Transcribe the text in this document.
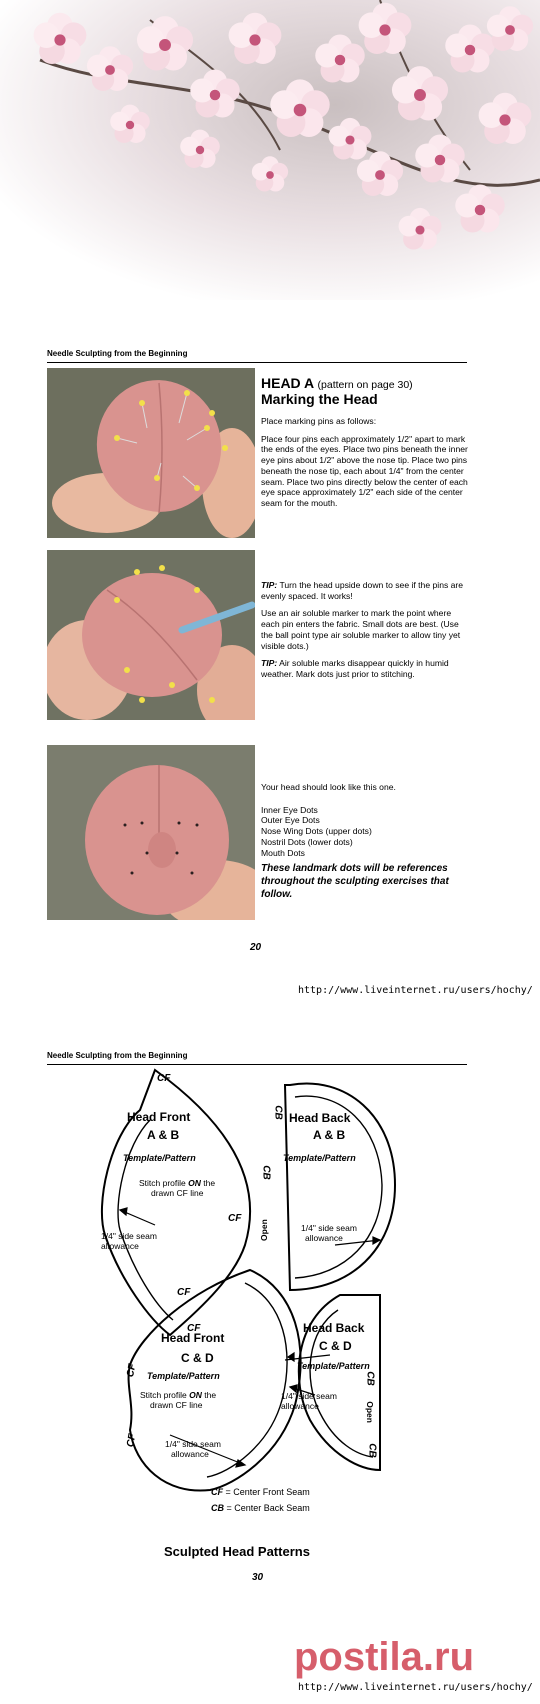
Needle Sculpting from the Beginning
HEAD A (pattern on page 30)
Marking the Head

Place marking pins as follows:

Place four pins each approximately 1/2" apart to mark the ends of the eyes. Place two pins beneath the inner eye pins about 1/2" above the nose tip. Place two pins beneath the nose tip, each about 1/4" from the center seam. Place two pins directly below the center of each eye space approximately 1/2" each side of the center seam for the mouth.

TIP: Turn the head upside down to see if the pins are evenly spaced. It works!

Use an air soluble marker to mark the point where each pin enters the fabric. Small dots are best. (Use the ball point type air soluble marker to allow tiny yet visible dots.)

TIP: Air soluble marks disappear quickly in humid weather. Mark dots just prior to stitching.

Your head should look like this one.

Inner Eye Dots
Outer Eye Dots
Nose Wing Dots (upper dots)
Nostril Dots (lower dots)
Mouth Dots
These landmark dots will be references throughout the sculpting exercises that follow.
20
http://www.liveinternet.ru/users/hochy/
Needle Sculpting from the Beginning
CF
Head Front
A & B
Template/Pattern
Stitch profile ON the
drawn CF line
CF
1/4" side seam
allowance
CF
CB Head Back
A & B
Template/Pattern
CB
Open	1/4" side seam
allowance
CF
Head Front
C & D
Template/Pattern
CF
Stitch profile ON the
drawn CF line
CF	1/4" side seam
allowance
Head Back
C & D
Template/Pattern
CB
1/4" side seam
allowance	Open
CB
CF = Center Front Seam
CB = Center Back Seam
Sculpted Head Patterns
30
postila.ru
http://www.liveinternet.ru/users/hochy/
